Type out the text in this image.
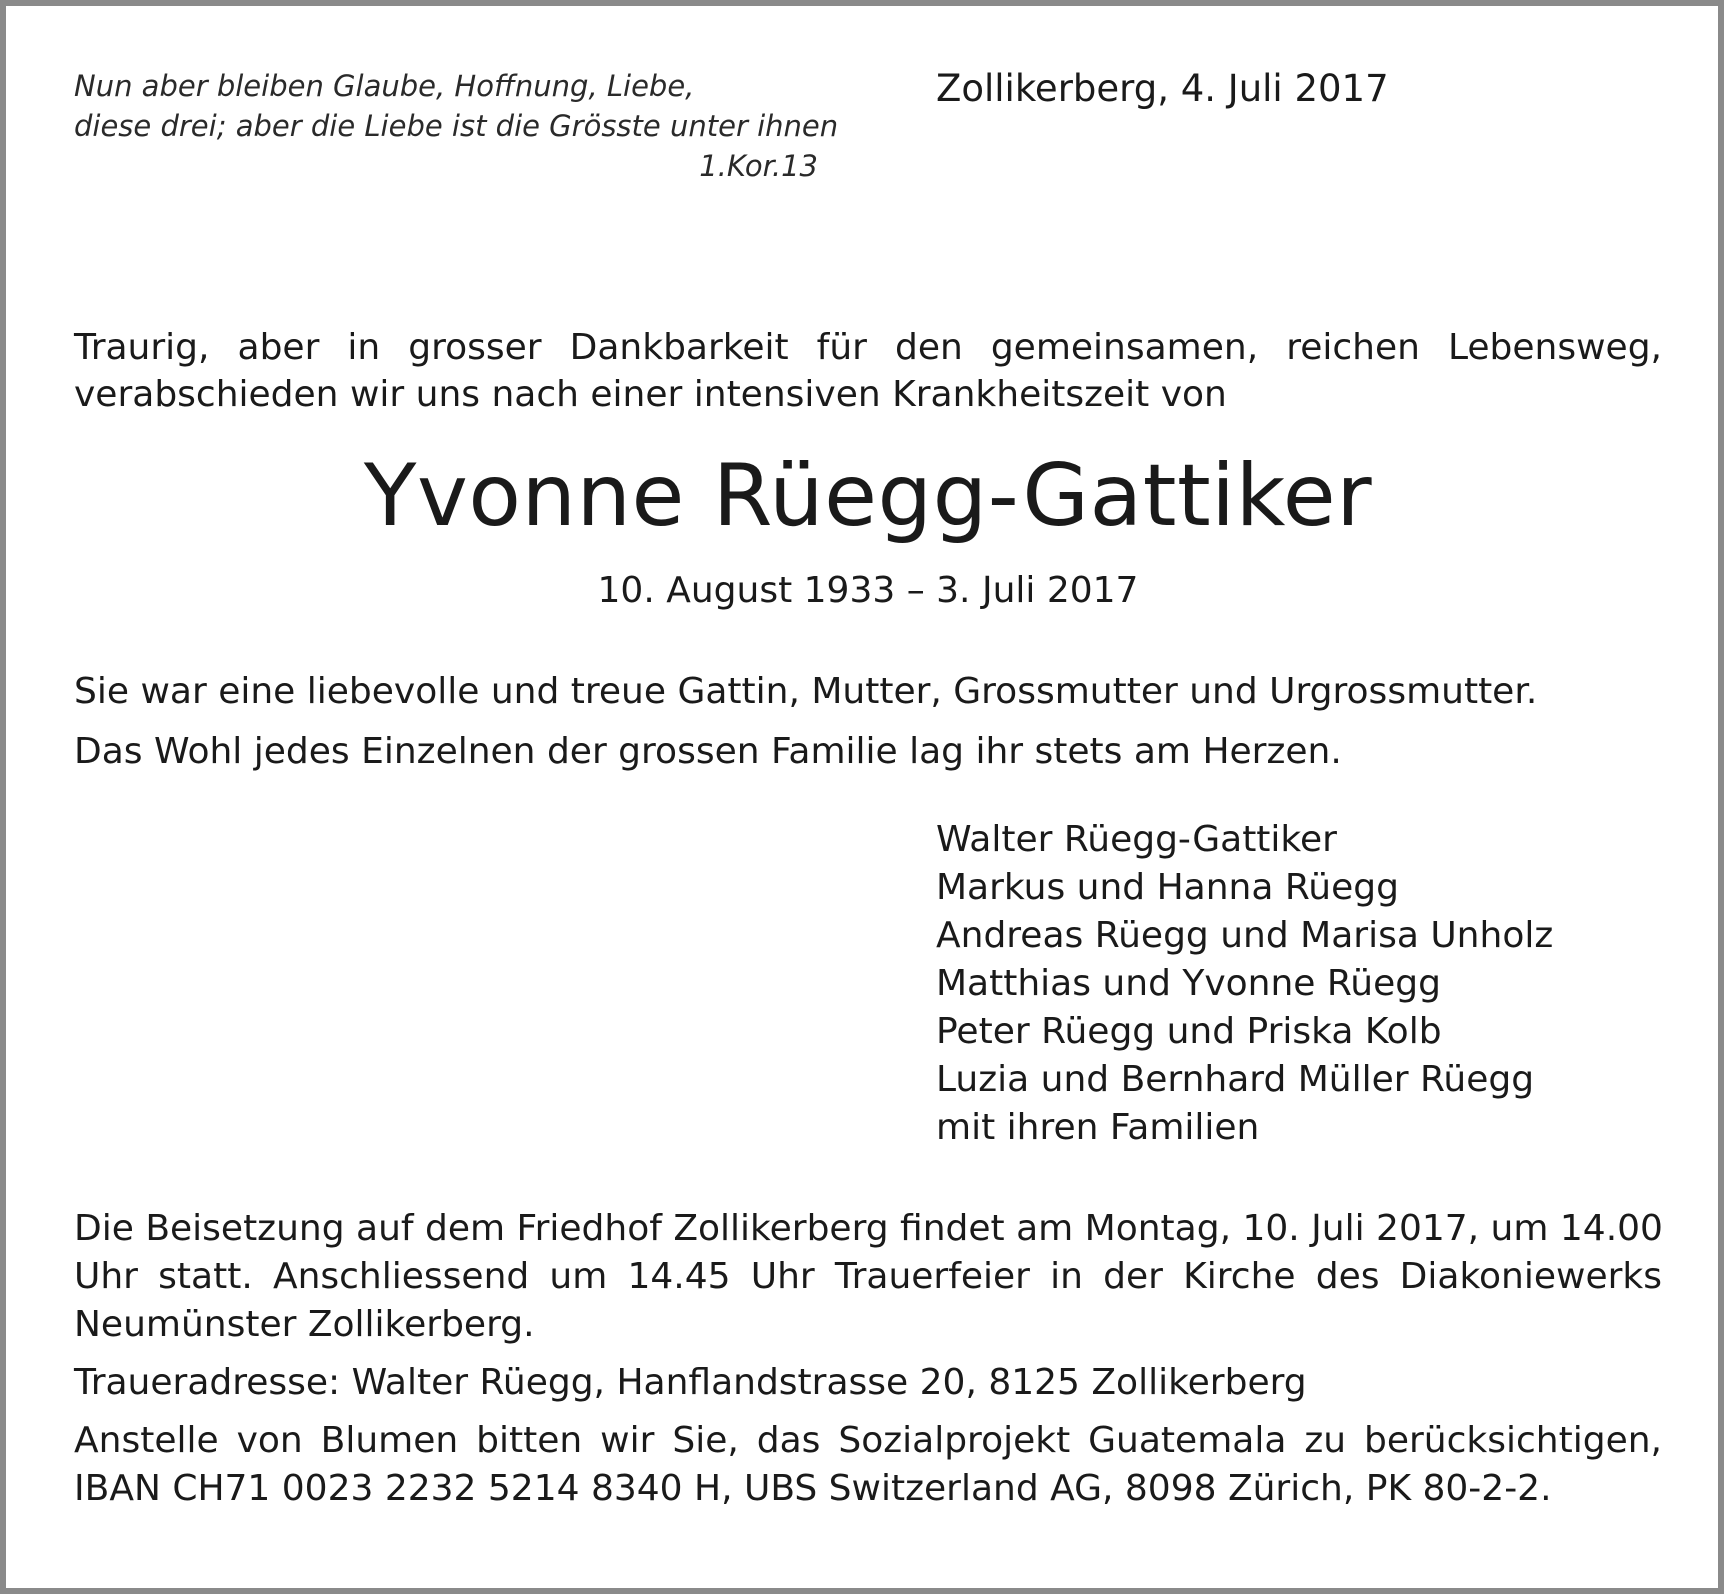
Nun aber bleiben Glaube, Hoffnung, Liebe,
diese drei; aber die Liebe ist die Grösste unter ihnen
1.Kor.13
Zollikerberg, 4. Juli 2017
Traurig, aber in grosser Dankbarkeit für den gemeinsamen, reichen Lebensweg,
verabschieden wir uns nach einer intensiven Krankheitszeit von
Yvonne Rüegg-Gattiker
10. August 1933 – 3. Juli 2017
Sie war eine liebevolle und treue Gattin, Mutter, Grossmutter und Urgrossmutter.
Das Wohl jedes Einzelnen der grossen Familie lag ihr stets am Herzen.
Walter Rüegg-Gattiker
Markus und Hanna Rüegg
Andreas Rüegg und Marisa Unholz
Matthias und Yvonne Rüegg
Peter Rüegg und Priska Kolb
Luzia und Bernhard Müller Rüegg
mit ihren Familien
Die Beisetzung auf dem Friedhof Zollikerberg findet am Montag, 10. Juli 2017, um 14.00
Uhr statt. Anschliessend um 14.45 Uhr Trauerfeier in der Kirche des Diakoniewerks
Neumünster Zollikerberg.
Traueradresse: Walter Rüegg, Hanflandstrasse 20, 8125 Zollikerberg
Anstelle von Blumen bitten wir Sie, das Sozialprojekt Guatemala zu berücksichtigen,
IBAN CH71 0023 2232 5214 8340 H, UBS Switzerland AG, 8098 Zürich, PK 80-2-2.
